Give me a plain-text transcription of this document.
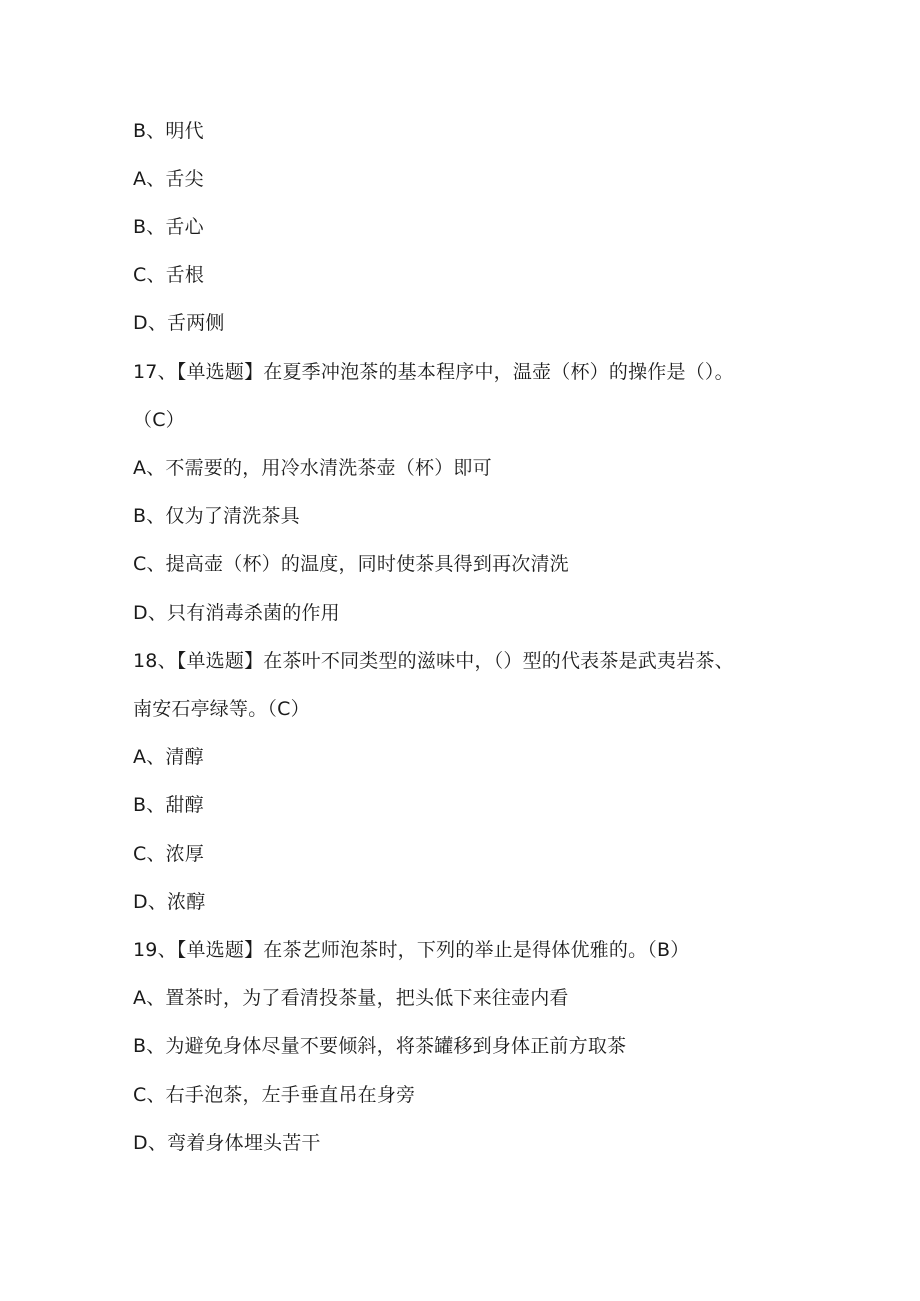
B、明代
A、舌尖
B、舌心
C、舌根
D、舌两侧
17、【单选题】在夏季冲泡茶的基本程序中，温壶（杯）的操作是（）。
（C）
A、不需要的，用冷水清洗茶壶（杯）即可
B、仅为了清洗茶具
C、提高壶（杯）的温度，同时使茶具得到再次清洗
D、只有消毒杀菌的作用
18、【单选题】在茶叶不同类型的滋味中，（）型的代表茶是武夷岩茶、
南安石亭绿等。（C）
A、清醇
B、甜醇
C、浓厚
D、浓醇
19、【单选题】在茶艺师泡茶时，下列的举止是得体优雅的。（B）
A、置茶时，为了看清投茶量，把头低下来往壶内看
B、为避免身体尽量不要倾斜，将茶罐移到身体正前方取茶
C、右手泡茶，左手垂直吊在身旁
D、弯着身体埋头苦干
